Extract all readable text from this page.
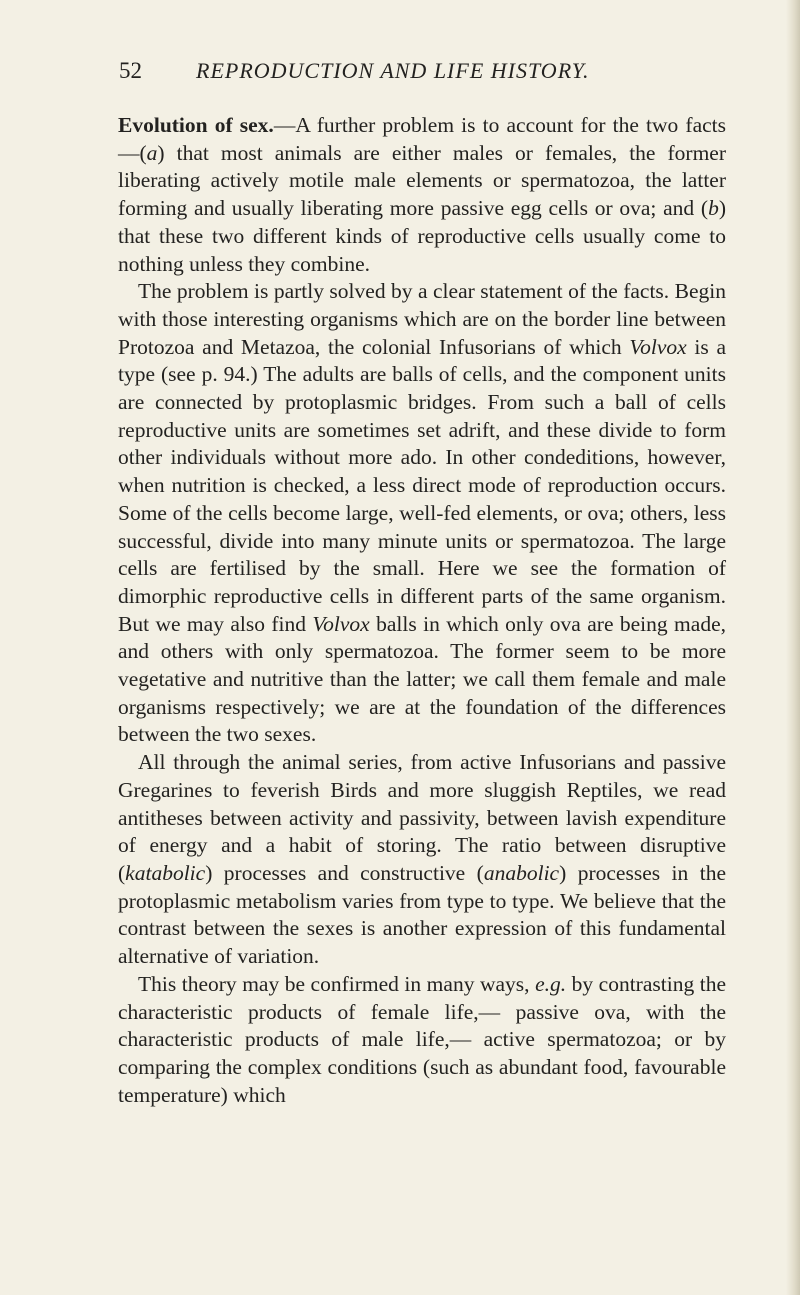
52 REPRODUCTION AND LIFE HISTORY.

Evolution of sex.—A further problem is to account for the two facts—(a) that most animals are either males or females, the former liberating actively motile male elements or spermatozoa, the latter forming and usually liberating more passive egg cells or ova; and (b) that these two different kinds of reproductive cells usually come to nothing unless they combine.

The problem is partly solved by a clear statement of the facts. Begin with those interesting organisms which are on the border line between Protozoa and Metazoa, the colonial Infusorians of which Volvox is a type (see p. 94.) The adults are balls of cells, and the component units are connected by protoplasmic bridges. From such a ball of cells reproductive units are sometimes set adrift, and these divide to form other individuals without more ado. In other condeditions, however, when nutrition is checked, a less direct mode of reproduction occurs. Some of the cells become large, well-fed elements, or ova; others, less successful, divide into many minute units or spermatozoa. The large cells are fertilised by the small. Here we see the formation of dimorphic reproductive cells in different parts of the same organism. But we may also find Volvox balls in which only ova are being made, and others with only spermatozoa. The former seem to be more vegetative and nutritive than the latter; we call them female and male organisms respectively; we are at the foundation of the differences between the two sexes.

All through the animal series, from active Infusorians and passive Gregarines to feverish Birds and more sluggish Reptiles, we read antitheses between activity and passivity, between lavish expenditure of energy and a habit of storing. The ratio between disruptive (katabolic) processes and constructive (anabolic) processes in the protoplasmic metabolism varies from type to type. We believe that the contrast between the sexes is another expression of this fundamental alternative of variation.

This theory may be confirmed in many ways, e.g. by contrasting the characteristic products of female life,— passive ova, with the characteristic products of male life,— active spermatozoa; or by comparing the complex conditions (such as abundant food, favourable temperature) which
